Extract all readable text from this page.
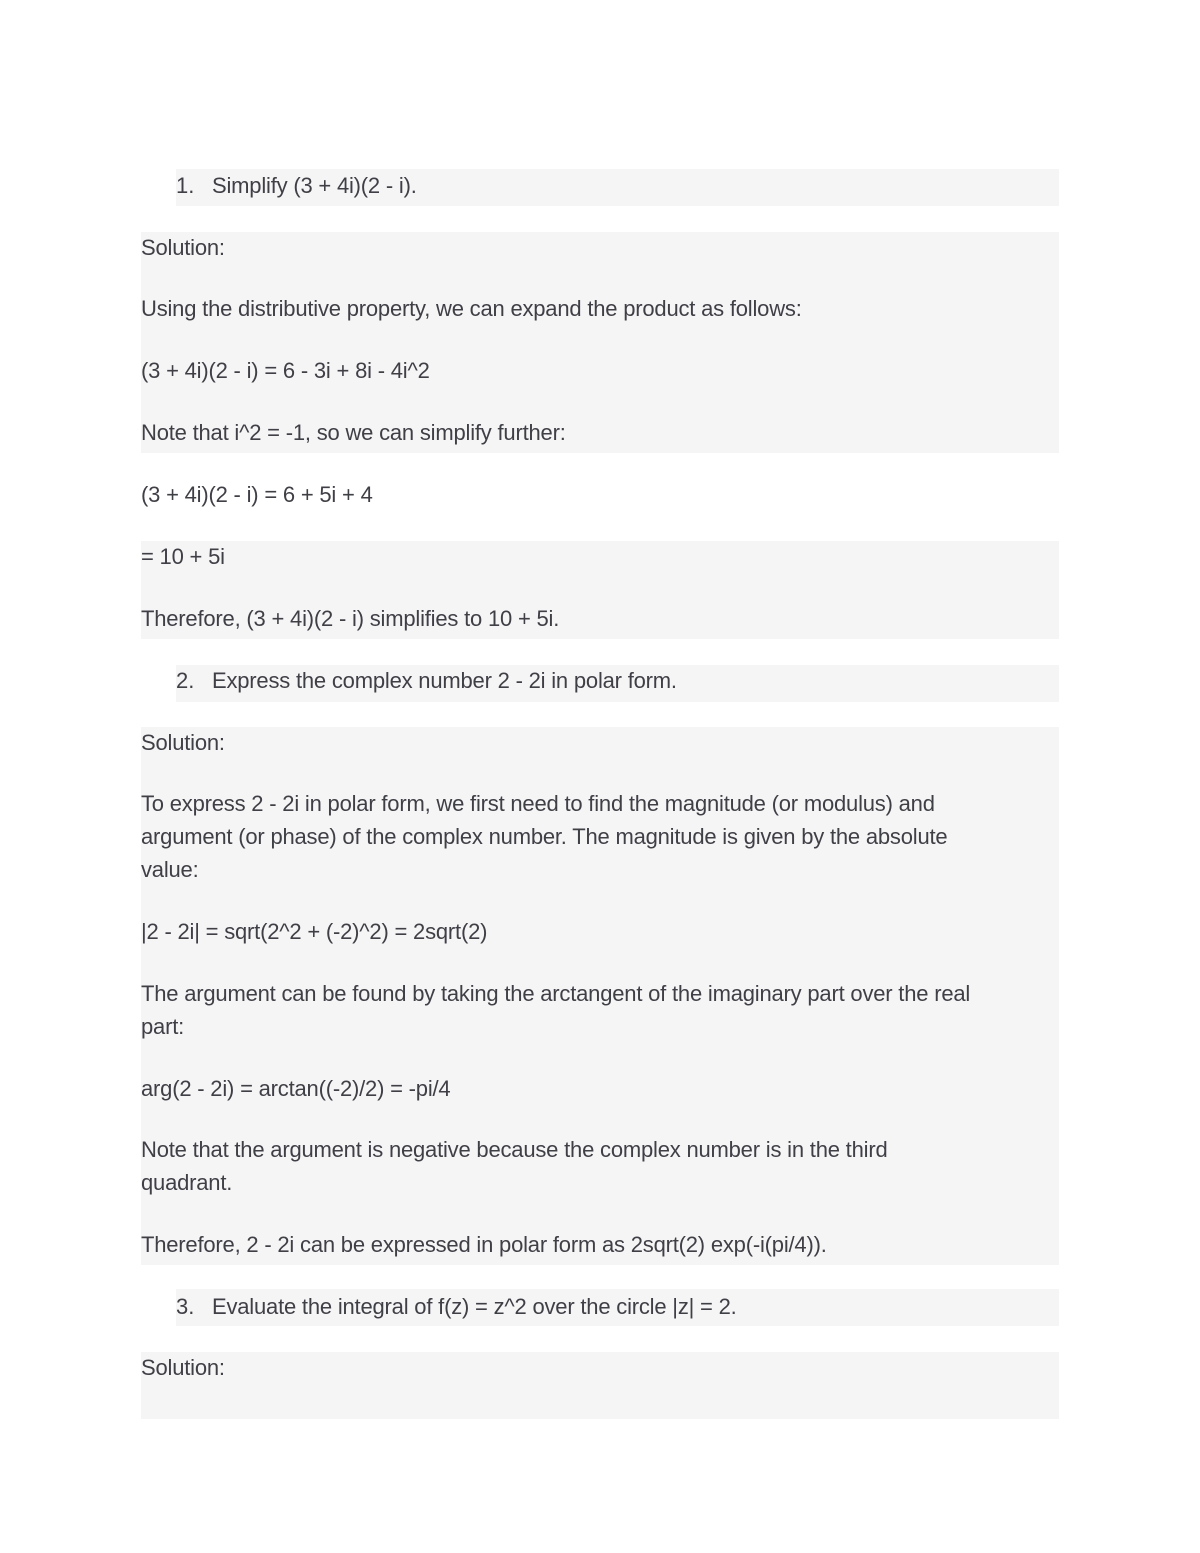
1. Simplify (3 + 4i)(2 - i).
Solution:
Using the distributive property, we can expand the product as follows:
(3 + 4i)(2 - i) = 6 - 3i + 8i - 4i^2
Note that i^2 = -1, so we can simplify further:
(3 + 4i)(2 - i) = 6 + 5i + 4
= 10 + 5i
Therefore, (3 + 4i)(2 - i) simplifies to 10 + 5i.
2. Express the complex number 2 - 2i in polar form.
Solution:
To express 2 - 2i in polar form, we first need to find the magnitude (or modulus) and
argument (or phase) of the complex number. The magnitude is given by the absolute
value:
|2 - 2i| = sqrt(2^2 + (-2)^2) = 2sqrt(2)
The argument can be found by taking the arctangent of the imaginary part over the real
part:
arg(2 - 2i) = arctan((-2)/2) = -pi/4
Note that the argument is negative because the complex number is in the third
quadrant.
Therefore, 2 - 2i can be expressed in polar form as 2sqrt(2) exp(-i(pi/4)).
3. Evaluate the integral of f(z) = z^2 over the circle |z| = 2.
Solution:
